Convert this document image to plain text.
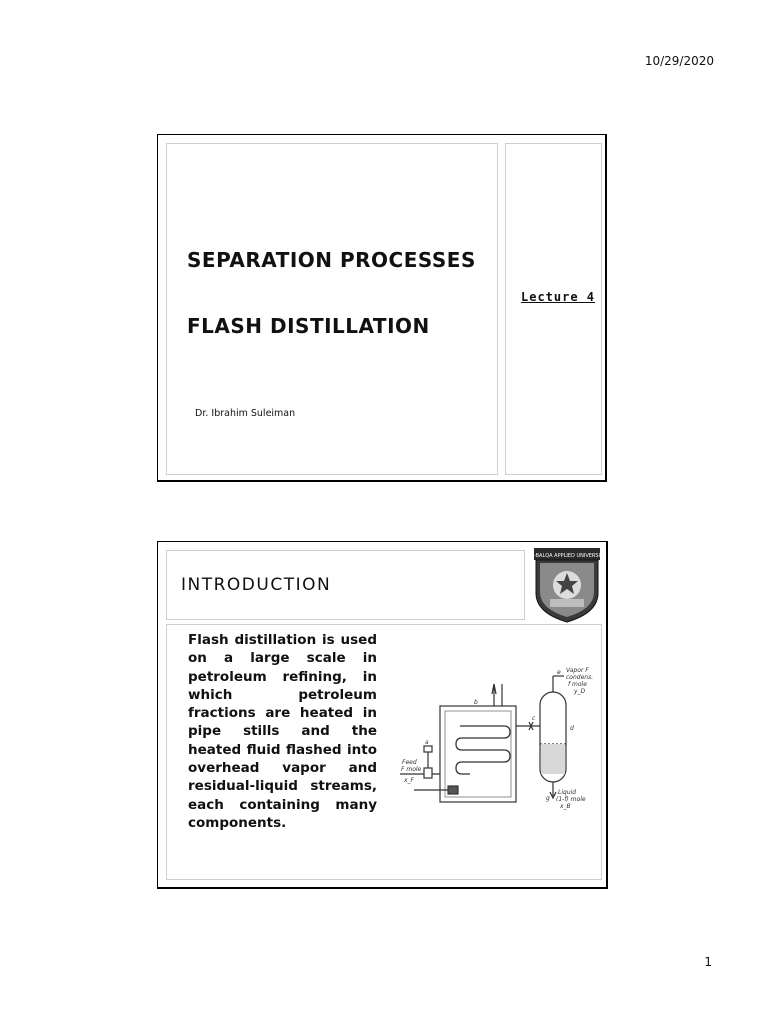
10/29/2020
SEPARATION PROCESSES
FLASH DISTILLATION
Dr. Ibrahim Suleiman
Lecture 4
INTRODUCTION
AL-BALQA APPLIED UNIVERSITY
Flash distillation is used on a large scale in petroleum refining, in which petroleum fractions are heated in pipe stills and the heated fluid flashed into overhead vapor and residual-liquid streams, each containing many components.
Vapor F
condens.
f mole
y_D
Liquid
(1-f) mole
x_B
Feed
F mole
x_F
a
b
c
d
e
g
1
